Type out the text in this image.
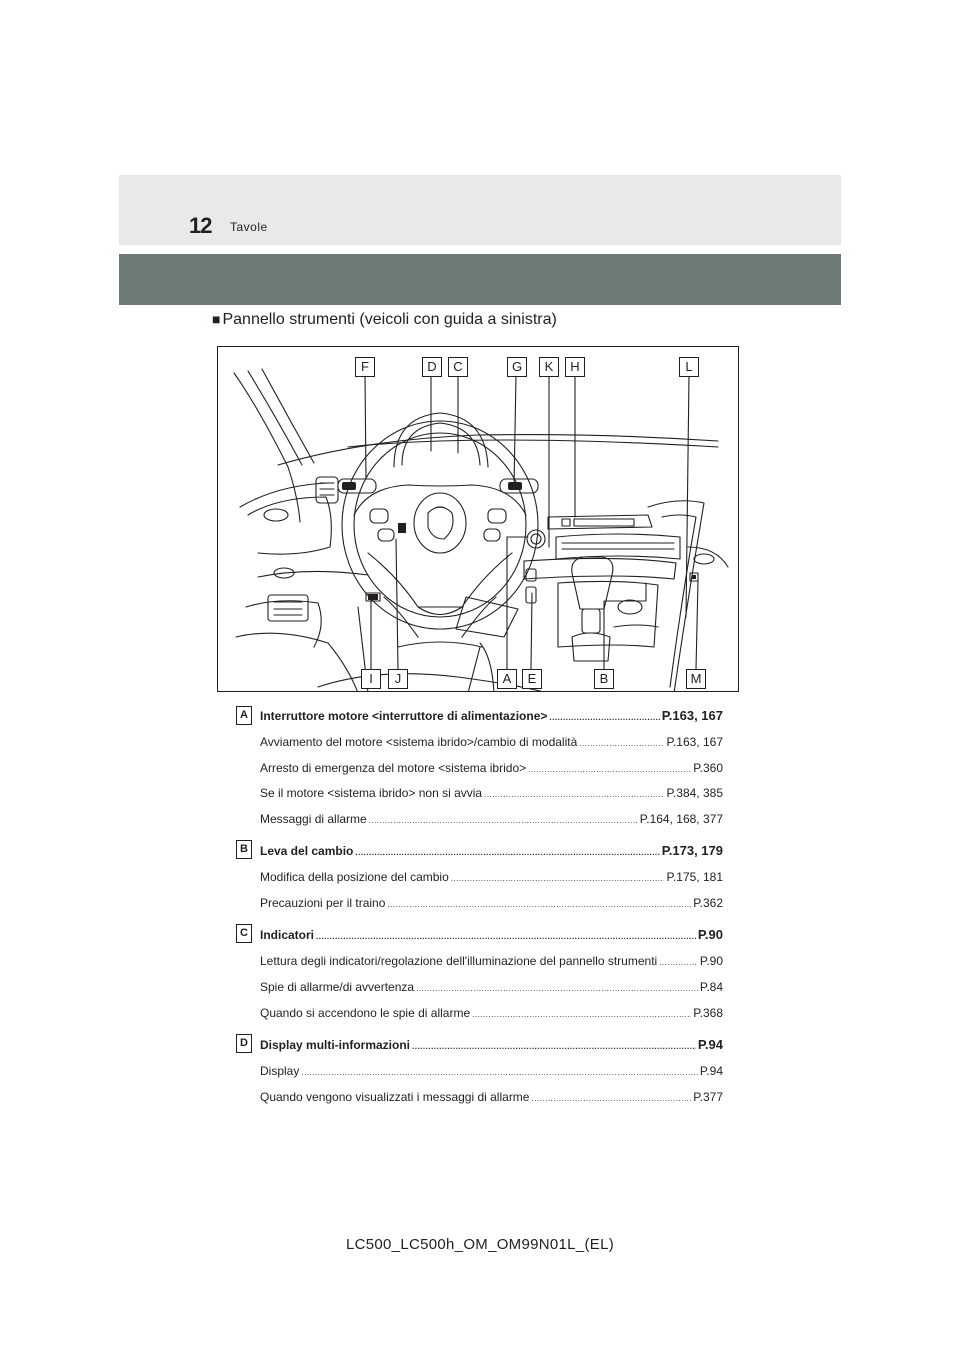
12 Tavole
■ Pannello strumenti (veicoli con guida a sinistra)
F	D	C	G	K	H	L
I	J	A	E	B	M
A	Interruttore motore <interruttore di alimentazione> .....	P.163, 167
Avviamento del motore <sistema ibrido>/cambio di modalità .....	P.163, 167
Arresto di emergenza del motore <sistema ibrido> .....	P.360
Se il motore <sistema ibrido> non si avvia .....	P.384, 385
Messaggi di allarme .....	P.164, 168, 377
B	Leva del cambio .....	P.173, 179
Modifica della posizione del cambio .....	P.175, 181
Precauzioni per il traino .....	P.362
C	Indicatori .....	P.90
Lettura degli indicatori/regolazione dell'illuminazione del pannello strumenti .....	P.90
Spie di allarme/di avvertenza .....	P.84
Quando si accendono le spie di allarme .....	P.368
D	Display multi-informazioni .....	P.94
Display .....	P.94
Quando vengono visualizzati i messaggi di allarme .....	P.377
LC500_LC500h_OM_OM99N01L_(EL)
